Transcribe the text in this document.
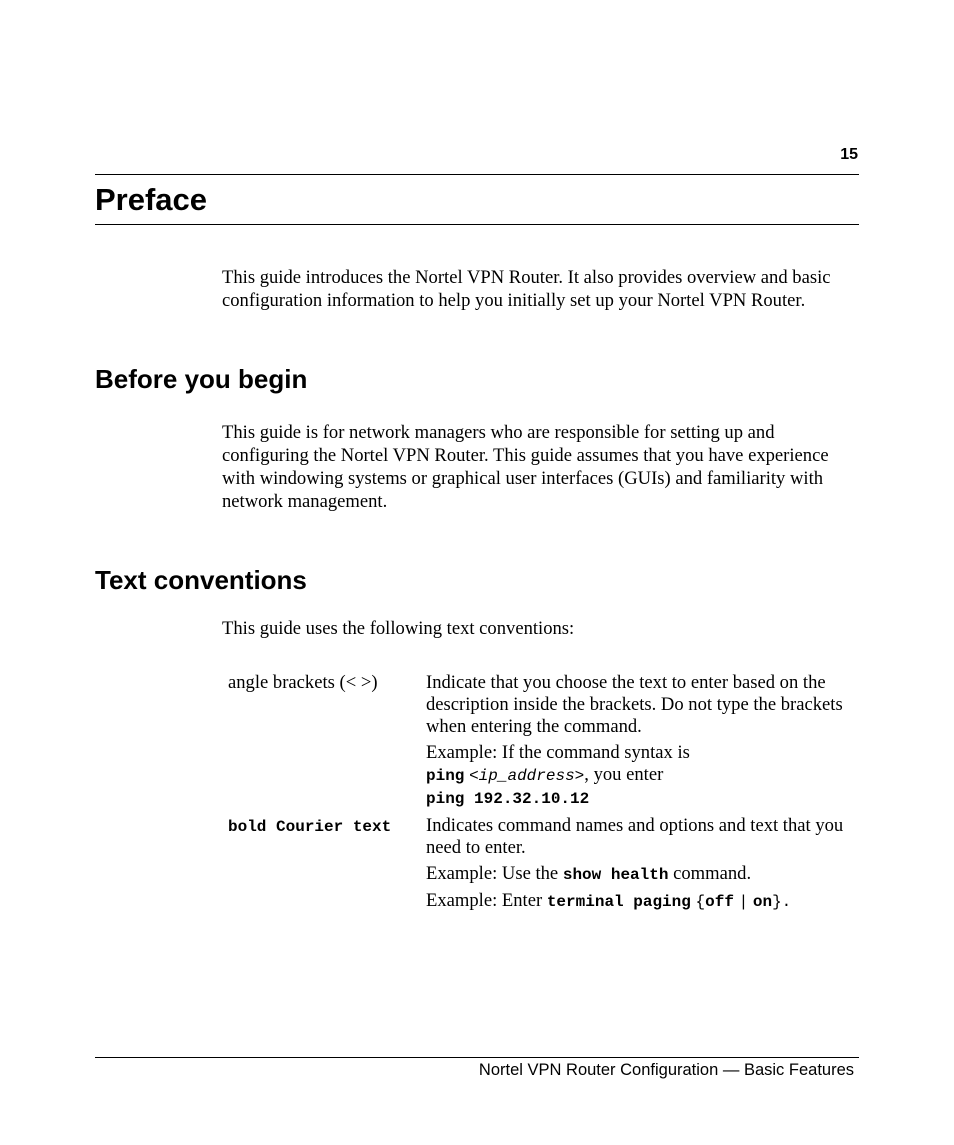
15
Preface

This guide introduces the Nortel VPN Router. It also provides overview and basic configuration information to help you initially set up your Nortel VPN Router.

Before you begin

This guide is for network managers who are responsible for setting up and configuring the Nortel VPN Router. This guide assumes that you have experience with windowing systems or graphical user interfaces (GUIs) and familiarity with network management.

Text conventions

This guide uses the following text conventions:

angle brackets (< >)	Indicate that you choose the text to enter based on the description inside the brackets. Do not type the brackets when entering the command.

Example: If the command syntax is
ping <ip_address>, you enter
ping 192.32.10.12

bold Courier text	Indicates command names and options and text that you need to enter.

Example: Use the show health command.

Example: Enter terminal paging {off | on}.

Nortel VPN Router Configuration — Basic Features
